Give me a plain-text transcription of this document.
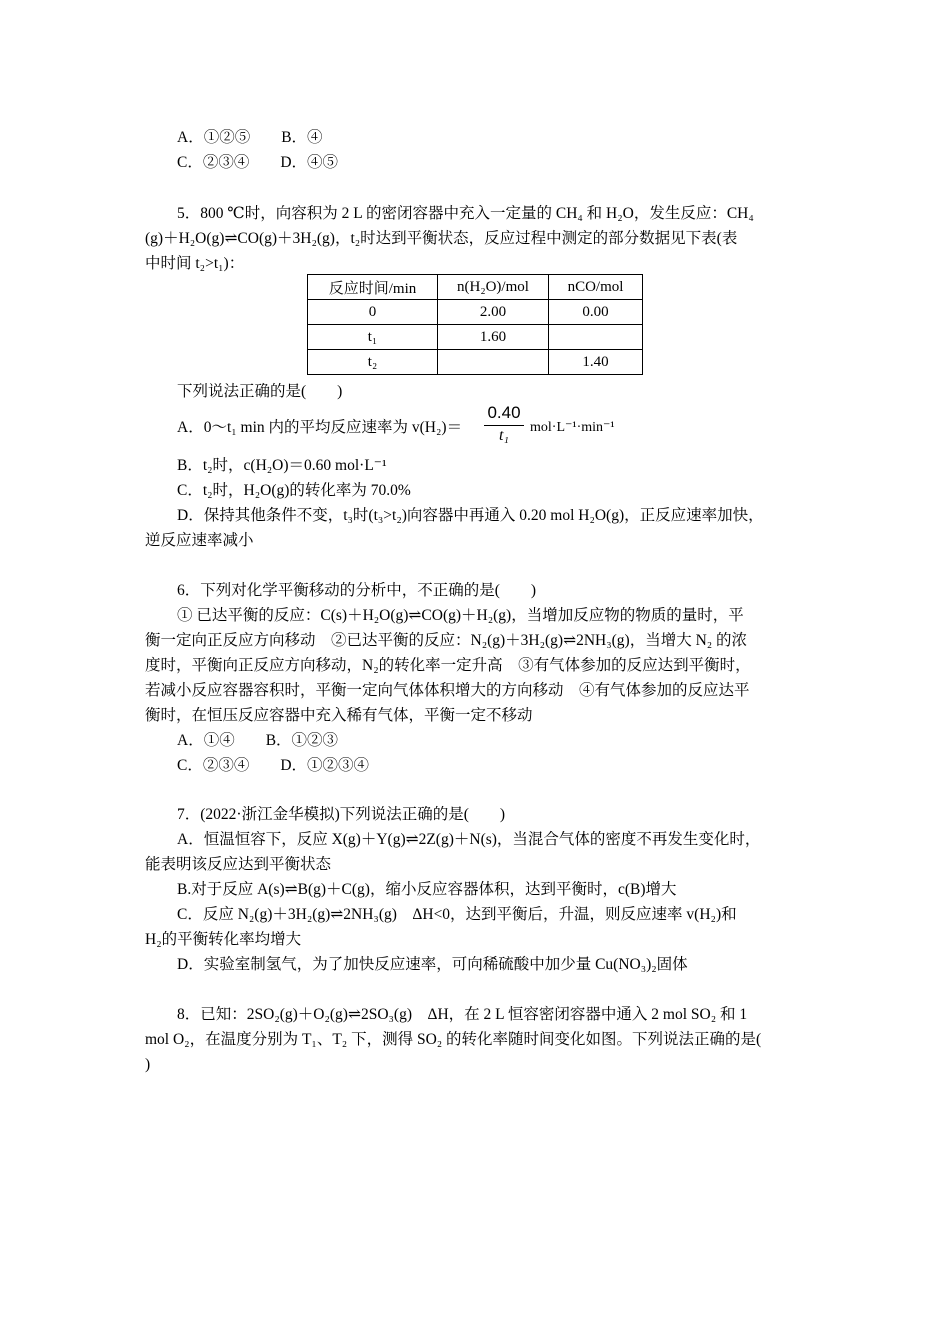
A．①②⑤　　B．④
C．②③④　　D．④⑤
5．800 ℃时，向容积为 2 L 的密闭容器中充入一定量的 CH₄ 和 H₂O，发生反应：CH₄
(g)＋H₂O(g)⇌CO(g)＋3H₂(g)，t₂时达到平衡状态，反应过程中测定的部分数据见下表(表
中时间 t₂>t₁)：
反应时间/min	n(H₂O)/mol	nCO/mol
0	2.00	0.00
t₁	1.60	
t₂		1.40
下列说法正确的是(　　)
A．0～t₁ min 内的平均反应速率为 v(H₂)＝
0.40
t₁	mol·L⁻¹·min⁻¹
B．t₂时，c(H₂O)＝0.60 mol·L⁻¹
C．t₂时，H₂O(g)的转化率为 70.0%
D．保持其他条件不变，t₃时(t₃>t₂)向容器中再通入 0.20 mol H₂O(g)，正反应速率加快，
逆反应速率减小
6．下列对化学平衡移动的分析中，不正确的是(　　)
① 已达平衡的反应：C(s)＋H₂O(g)⇌CO(g)＋H₂(g)，当增加反应物的物质的量时，平
衡一定向正反应方向移动　②已达平衡的反应：N₂(g)＋3H₂(g)⇌2NH₃(g)，当增大 N₂ 的浓
度时，平衡向正反应方向移动，N₂的转化率一定升高　③有气体参加的反应达到平衡时，
若减小反应容器容积时，平衡一定向气体体积增大的方向移动　④有气体参加的反应达平
衡时，在恒压反应容器中充入稀有气体，平衡一定不移动
A．①④　　B．①②③
C．②③④　　D．①②③④
7．(2022·浙江金华模拟)下列说法正确的是(　　)
A．恒温恒容下，反应 X(g)＋Y(g)⇌2Z(g)＋N(s)，当混合气体的密度不再发生变化时，
能表明该反应达到平衡状态
B.对于反应 A(s)⇌B(g)＋C(g)，缩小反应容器体积，达到平衡时，c(B)增大
C．反应 N₂(g)＋3H₂(g)⇌2NH₃(g)　ΔH<0，达到平衡后，升温，则反应速率 v(H₂)和
H₂的平衡转化率均增大
D．实验室制氢气，为了加快反应速率，可向稀硫酸中加少量 Cu(NO₃)₂固体
8．已知：2SO₂(g)＋O₂(g)⇌2SO₃(g)　ΔH，在 2 L 恒容密闭容器中通入 2 mol SO₂ 和 1
mol O₂，在温度分别为 T₁、T₂ 下，测得 SO₂ 的转化率随时间变化如图。下列说法正确的是(
)
